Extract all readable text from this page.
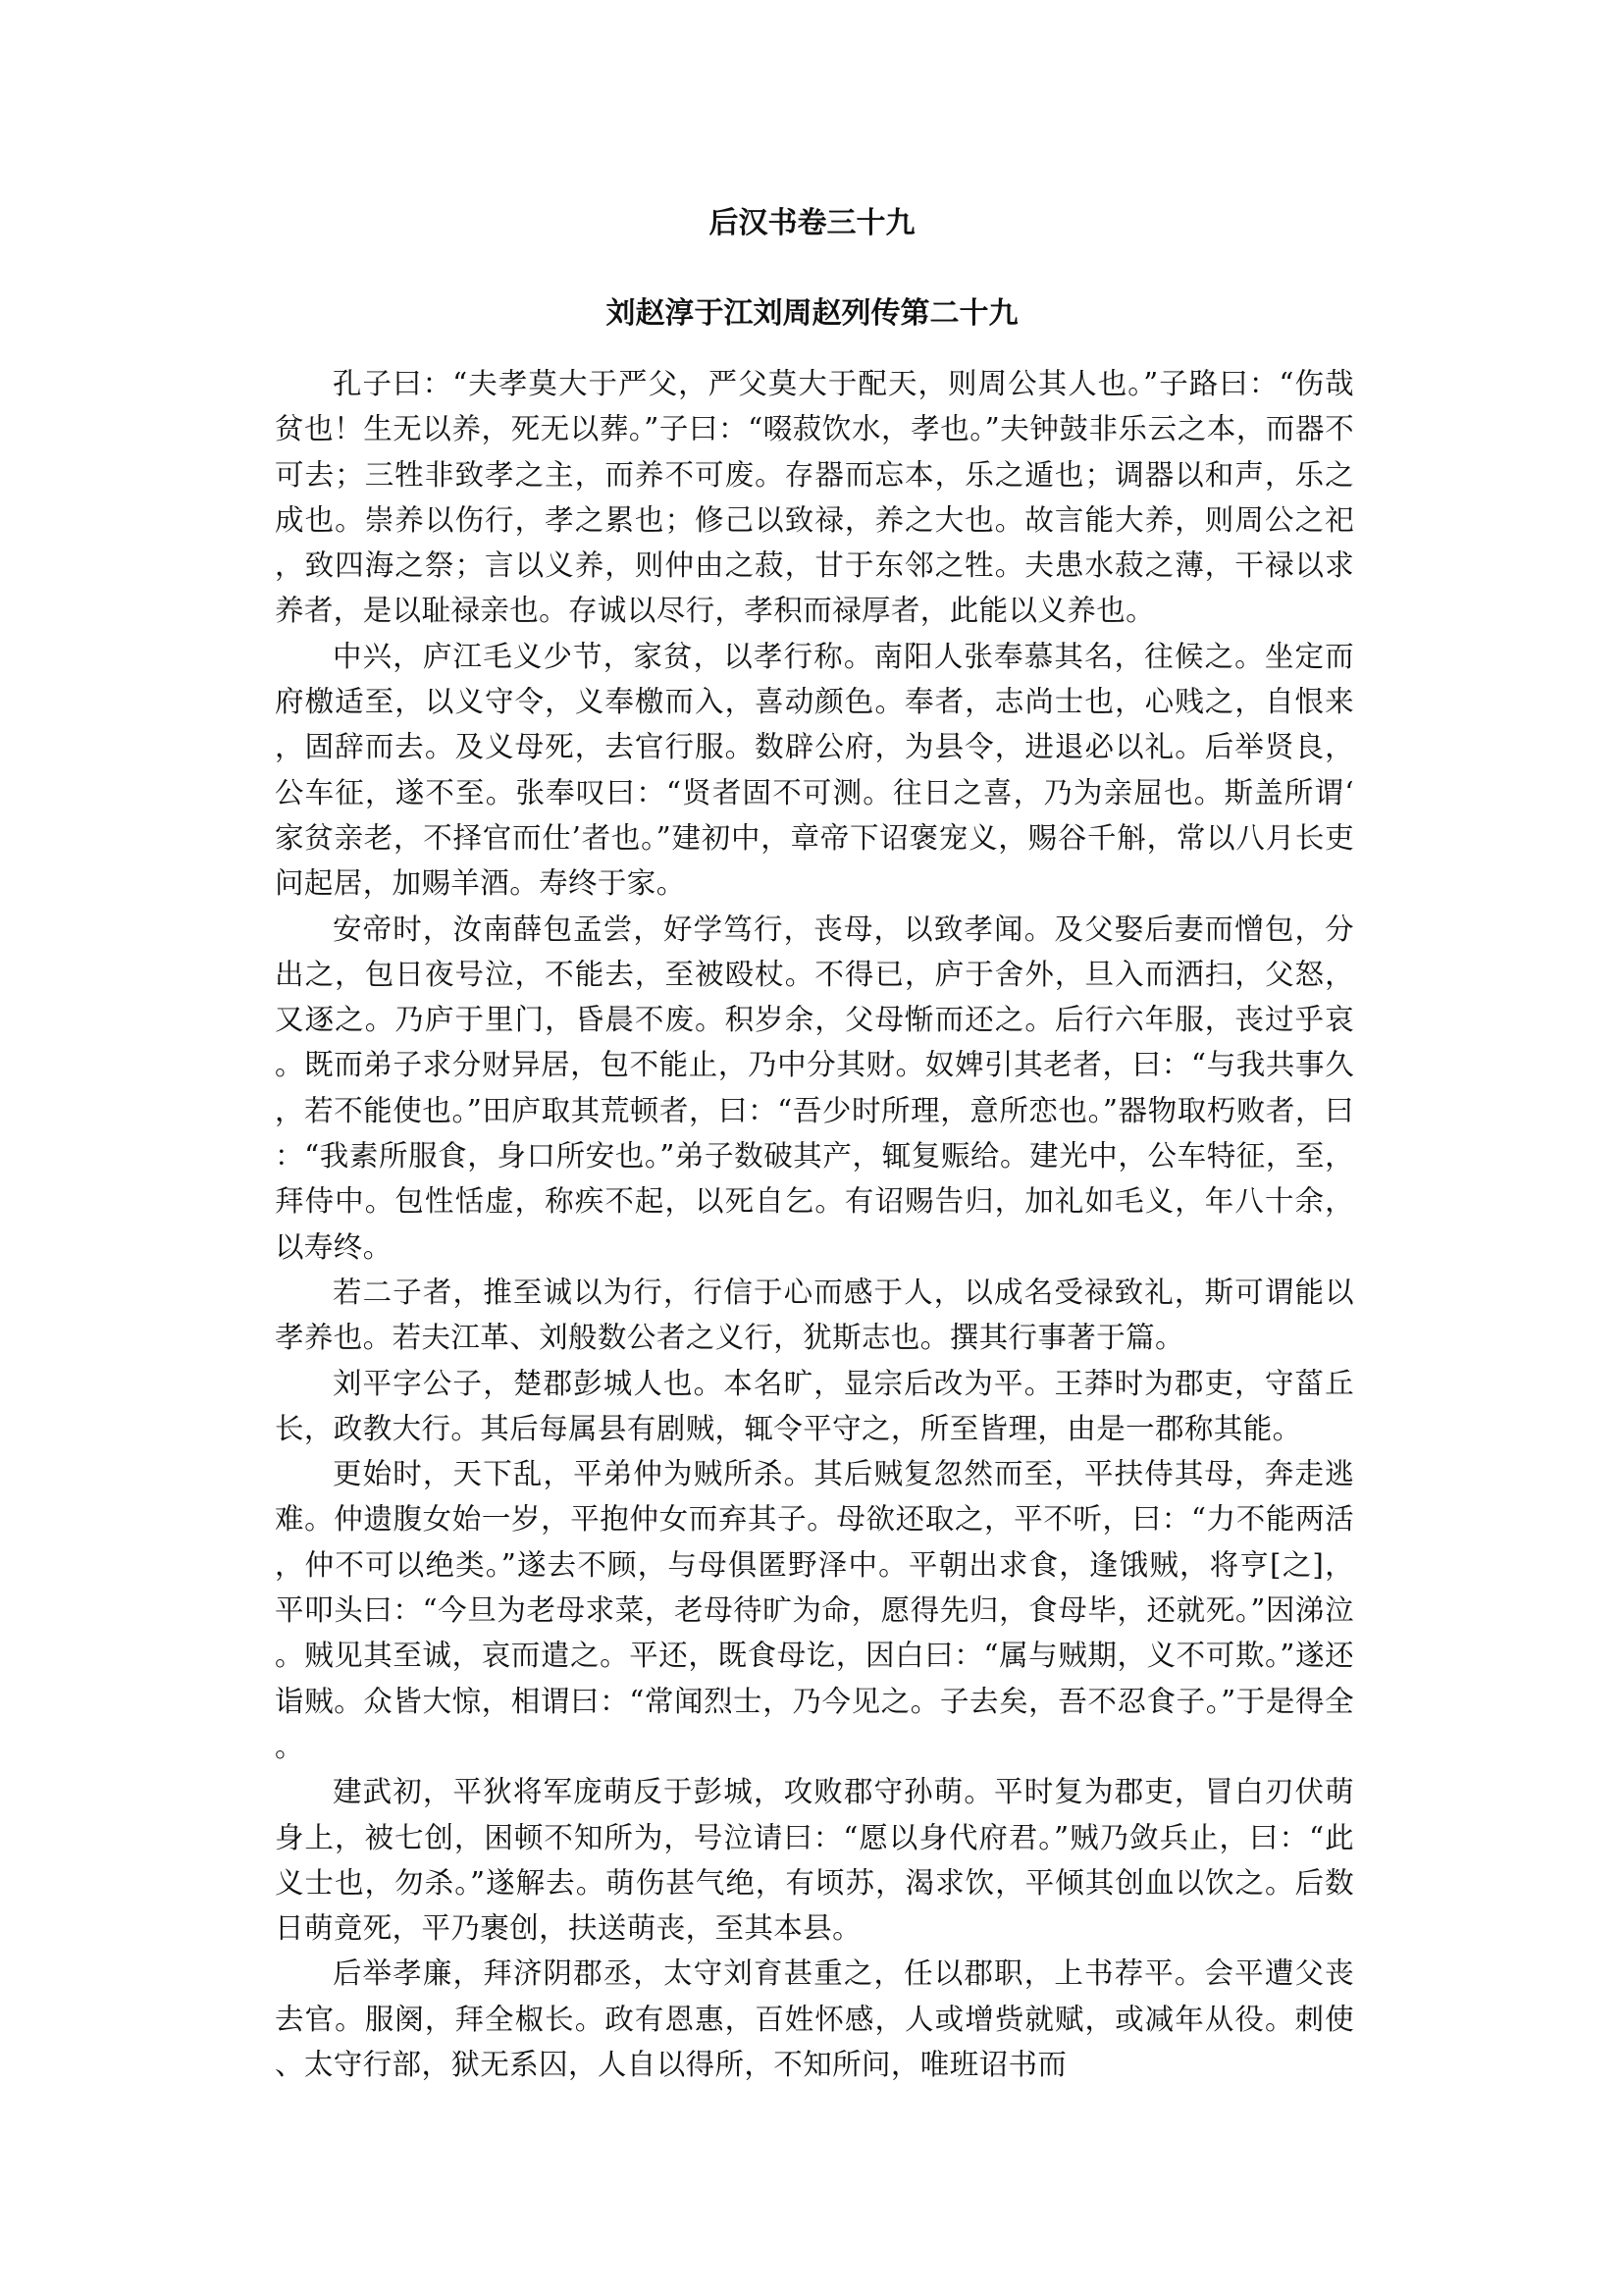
后汉书卷三十九
刘赵淳于江刘周赵列传第二十九

孔子曰：“夫孝莫大于严父，严父莫大于配天，则周公其人也。”子路曰：“伤哉贫也！生无以养，死无以葬。”子曰：“啜菽饮水，孝也。”夫钟鼓非乐云之本，而器不可去；三牲非致孝之主，而养不可废。存器而忘本，乐之遁也；调器以和声，乐之成也。崇养以伤行，孝之累也；修己以致禄，养之大也。故言能大养，则周公之祀，致四海之祭；言以义养，则仲由之菽，甘于东邻之牲。夫患水菽之薄，干禄以求养者，是以耻禄亲也。存诚以尽行，孝积而禄厚者，此能以义养也。

中兴，庐江毛义少节，家贫，以孝行称。南阳人张奉慕其名，往候之。坐定而府檄适至，以义守令，义奉檄而入，喜动颜色。奉者，志尚士也，心贱之，自恨来，固辞而去。及义母死，去官行服。数辟公府，为县令，进退必以礼。后举贤良，公车征，遂不至。张奉叹曰：“贤者固不可测。往日之喜，乃为亲屈也。斯盖所谓‘家贫亲老，不择官而仕’者也。”建初中，章帝下诏褒宠义，赐谷千斛，常以八月长吏问起居，加赐羊酒。寿终于家。

安帝时，汝南薛包孟尝，好学笃行，丧母，以致孝闻。及父娶后妻而憎包，分出之，包日夜号泣，不能去，至被殴杖。不得已，庐于舍外，旦入而洒扫，父怒，又逐之。乃庐于里门，昏晨不废。积岁余，父母惭而还之。后行六年服，丧过乎哀。既而弟子求分财异居，包不能止，乃中分其财。奴婢引其老者，曰：“与我共事久，若不能使也。”田庐取其荒顿者，曰：“吾少时所理，意所恋也。”器物取朽败者，曰：“我素所服食，身口所安也。”弟子数破其产，辄复赈给。建光中，公车特征，至，拜侍中。包性恬虚，称疾不起，以死自乞。有诏赐告归，加礼如毛义，年八十余，以寿终。

若二子者，推至诚以为行，行信于心而感于人，以成名受禄致礼，斯可谓能以孝养也。若夫江革、刘般数公者之义行，犹斯志也。撰其行事著于篇。

刘平字公子，楚郡彭城人也。本名旷，显宗后改为平。王莽时为郡吏，守菑丘长，政教大行。其后每属县有剧贼，辄令平守之，所至皆理，由是一郡称其能。

更始时，天下乱，平弟仲为贼所杀。其后贼复忽然而至，平扶侍其母，奔走逃难。仲遗腹女始一岁，平抱仲女而弃其子。母欲还取之，平不听，曰：“力不能两活，仲不可以绝类。”遂去不顾，与母俱匿野泽中。平朝出求食，逢饿贼，将亨[之]，平叩头曰：“今旦为老母求菜，老母待旷为命，愿得先归，食母毕，还就死。”因涕泣。贼见其至诚，哀而遣之。平还，既食母讫，因白曰：“属与贼期，义不可欺。”遂还诣贼。众皆大惊，相谓曰：“常闻烈士，乃今见之。子去矣，吾不忍食子。”于是得全。

建武初，平狄将军庞萌反于彭城，攻败郡守孙萌。平时复为郡吏，冒白刃伏萌身上，被七创，困顿不知所为，号泣请曰：“愿以身代府君。”贼乃敛兵止，曰：“此义士也，勿杀。”遂解去。萌伤甚气绝，有顷苏，渴求饮，平倾其创血以饮之。后数日萌竟死，平乃裹创，扶送萌丧，至其本县。

后举孝廉，拜济阴郡丞，太守刘育甚重之，任以郡职，上书荐平。会平遭父丧去官。服阕，拜全椒长。政有恩惠，百姓怀感，人或增赀就赋，或减年从役。刺使、太守行部，狱无系囚，人自以得所，不知所问，唯班诏书而
